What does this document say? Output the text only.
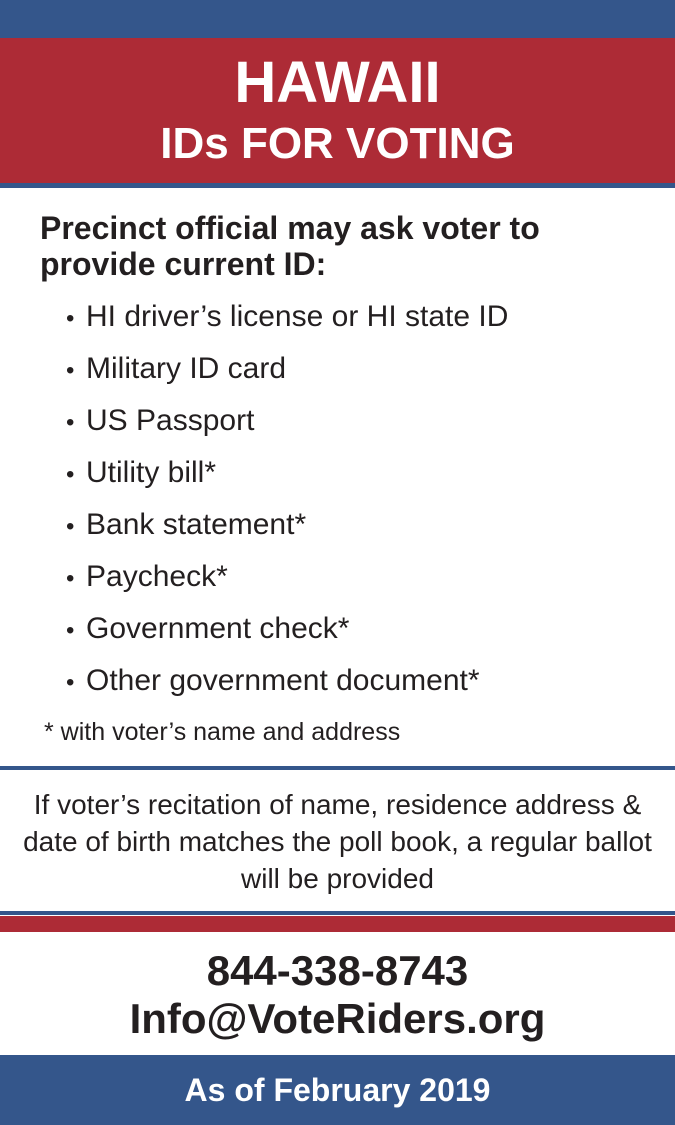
HAWAII
IDs FOR VOTING
Precinct official may ask voter to provide current ID:
• HI driver’s license or HI state ID
• Military ID card
• US Passport
• Utility bill*
• Bank statement*
• Paycheck*
• Government check*
• Other government document*
* with voter’s name and address
If voter’s recitation of name, residence address & date of birth matches the poll book, a regular ballot will be provided
844-338-8743
Info@VoteRiders.org
As of February 2019
